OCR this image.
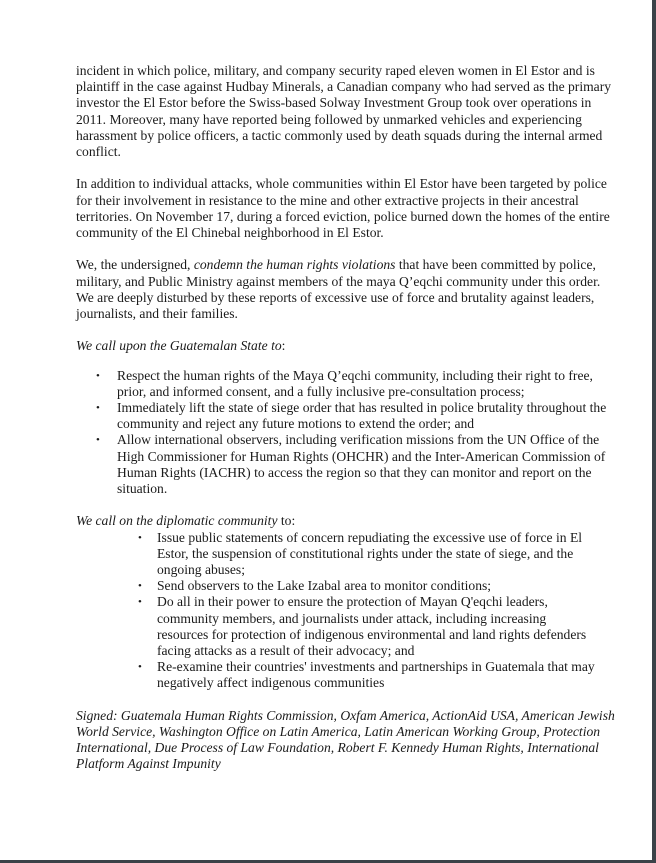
incident in which police, military, and company security raped eleven women in El Estor and is plaintiff in the case against Hudbay Minerals, a Canadian company who had served as the primary investor the El Estor before the Swiss-based Solway Investment Group took over operations in 2011. Moreover, many have reported being followed by unmarked vehicles and experiencing harassment by police officers, a tactic commonly used by death squads during the internal armed conflict.

In addition to individual attacks, whole communities within El Estor have been targeted by police for their involvement in resistance to the mine and other extractive projects in their ancestral territories. On November 17, during a forced eviction, police burned down the homes of the entire community of the El Chinebal neighborhood in El Estor.

We, the undersigned, condemn the human rights violations that have been committed by police, military, and Public Ministry against members of the maya Q’eqchi community under this order. We are deeply disturbed by these reports of excessive use of force and brutality against leaders, journalists, and their families.

We call upon the Guatemalan State to:

• Respect the human rights of the Maya Q’eqchi community, including their right to free, prior, and informed consent, and a fully inclusive pre-consultation process;
• Immediately lift the state of siege order that has resulted in police brutality throughout the community and reject any future motions to extend the order; and
• Allow international observers, including verification missions from the UN Office of the High Commissioner for Human Rights (OHCHR) and the Inter-American Commission of Human Rights (IACHR) to access the region so that they can monitor and report on the situation.

We call on the diplomatic community to:

• Issue public statements of concern repudiating the excessive use of force in El Estor, the suspension of constitutional rights under the state of siege, and the ongoing abuses;
• Send observers to the Lake Izabal area to monitor conditions;
• Do all in their power to ensure the protection of Mayan Q'eqchi leaders, community members, and journalists under attack, including increasing resources for protection of indigenous environmental and land rights defenders facing attacks as a result of their advocacy; and
• Re-examine their countries' investments and partnerships in Guatemala that may negatively affect indigenous communities

Signed: Guatemala Human Rights Commission, Oxfam America, ActionAid USA, American Jewish World Service, Washington Office on Latin America, Latin American Working Group, Protection International, Due Process of Law Foundation, Robert F. Kennedy Human Rights, International Platform Against Impunity
